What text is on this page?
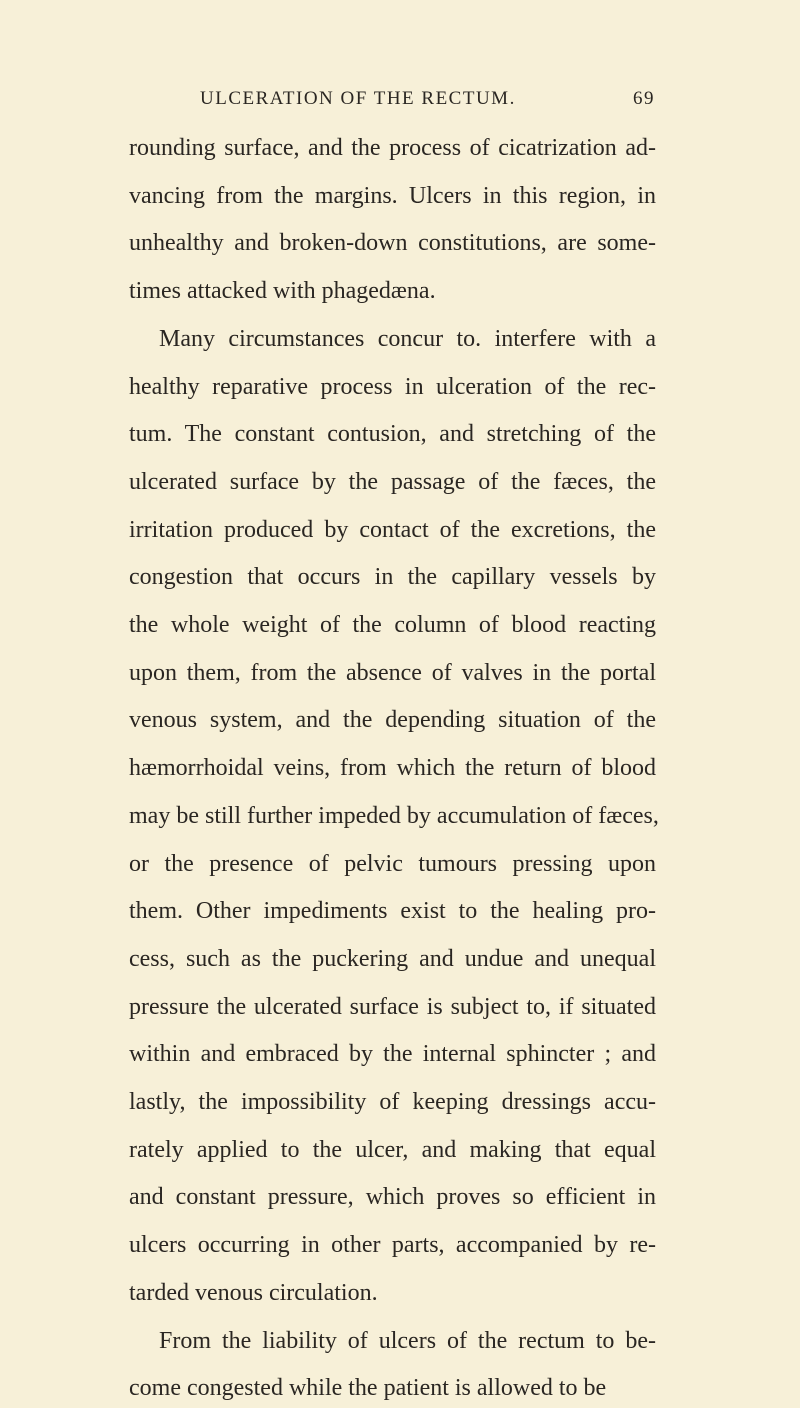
ULCERATION OF THE RECTUM.	69
rounding surface, and the process of cicatrization ad-
vancing from the margins. Ulcers in this region, in
unhealthy and broken-down constitutions, are some-
times attacked with phagedæna.
Many circumstances concur to. interfere with a
healthy reparative process in ulceration of the rec-
tum. The constant contusion, and stretching of the
ulcerated surface by the passage of the fæces, the
irritation produced by contact of the excretions, the
congestion that occurs in the capillary vessels by
the whole weight of the column of blood reacting
upon them, from the absence of valves in the portal
venous system, and the depending situation of the
hæmorrhoidal veins, from which the return of blood
may be still further impeded by accumulation of fæces,
or the presence of pelvic tumours pressing upon
them. Other impediments exist to the healing pro-
cess, such as the puckering and undue and unequal
pressure the ulcerated surface is subject to, if situated
within and embraced by the internal sphincter ; and
lastly, the impossibility of keeping dressings accu-
rately applied to the ulcer, and making that equal
and constant pressure, which proves so efficient in
ulcers occurring in other parts, accompanied by re-
tarded venous circulation.
From the liability of ulcers of the rectum to be-
come congested while the patient is allowed to be
